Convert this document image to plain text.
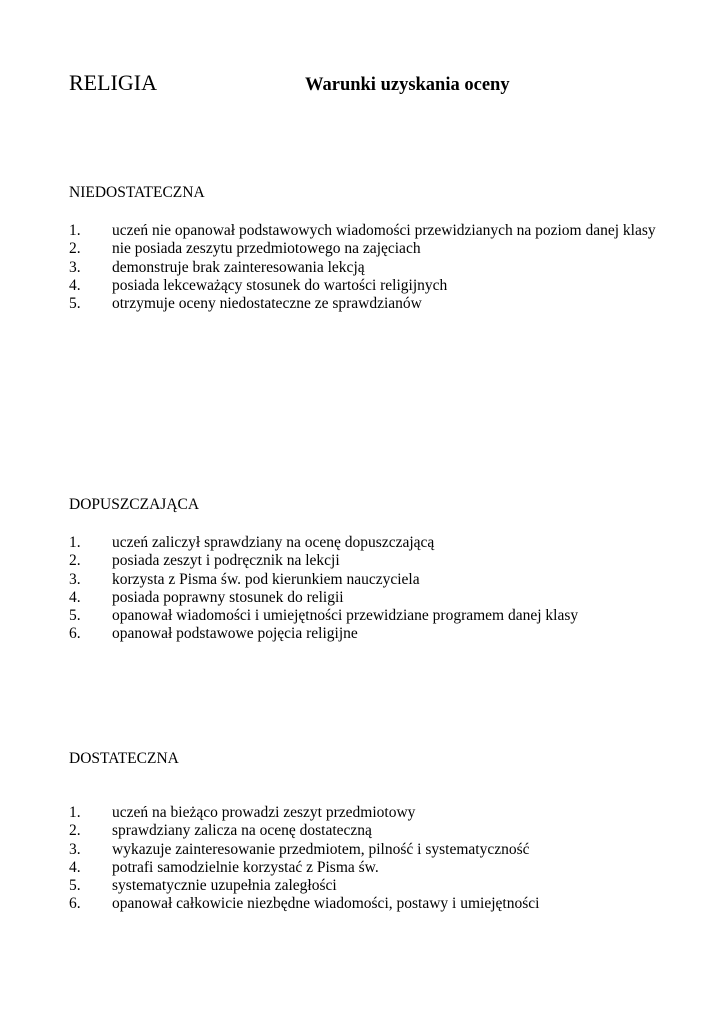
RELIGIA	Warunki uzyskania oceny
NIEDOSTATECZNA
1. uczeń nie opanował podstawowych wiadomości przewidzianych na poziom danej klasy
2. nie posiada zeszytu przedmiotowego na zajęciach
3. demonstruje brak zainteresowania lekcją
4. posiada lekceważący stosunek do wartości religijnych
5. otrzymuje oceny niedostateczne ze sprawdzianów
DOPUSZCZAJĄCA
1. uczeń zaliczył sprawdziany na ocenę dopuszczającą
2. posiada zeszyt i podręcznik na lekcji
3. korzysta z Pisma św. pod kierunkiem nauczyciela
4. posiada poprawny stosunek do religii
5. opanował wiadomości i umiejętności przewidziane programem danej klasy
6. opanował podstawowe pojęcia religijne
DOSTATECZNA
1. uczeń na bieżąco prowadzi zeszyt przedmiotowy
2. sprawdziany zalicza na ocenę dostateczną
3. wykazuje zainteresowanie przedmiotem, pilność i systematyczność
4. potrafi samodzielnie korzystać z Pisma św.
5. systematycznie uzupełnia zaległości
6. opanował całkowicie niezbędne wiadomości, postawy i umiejętności
